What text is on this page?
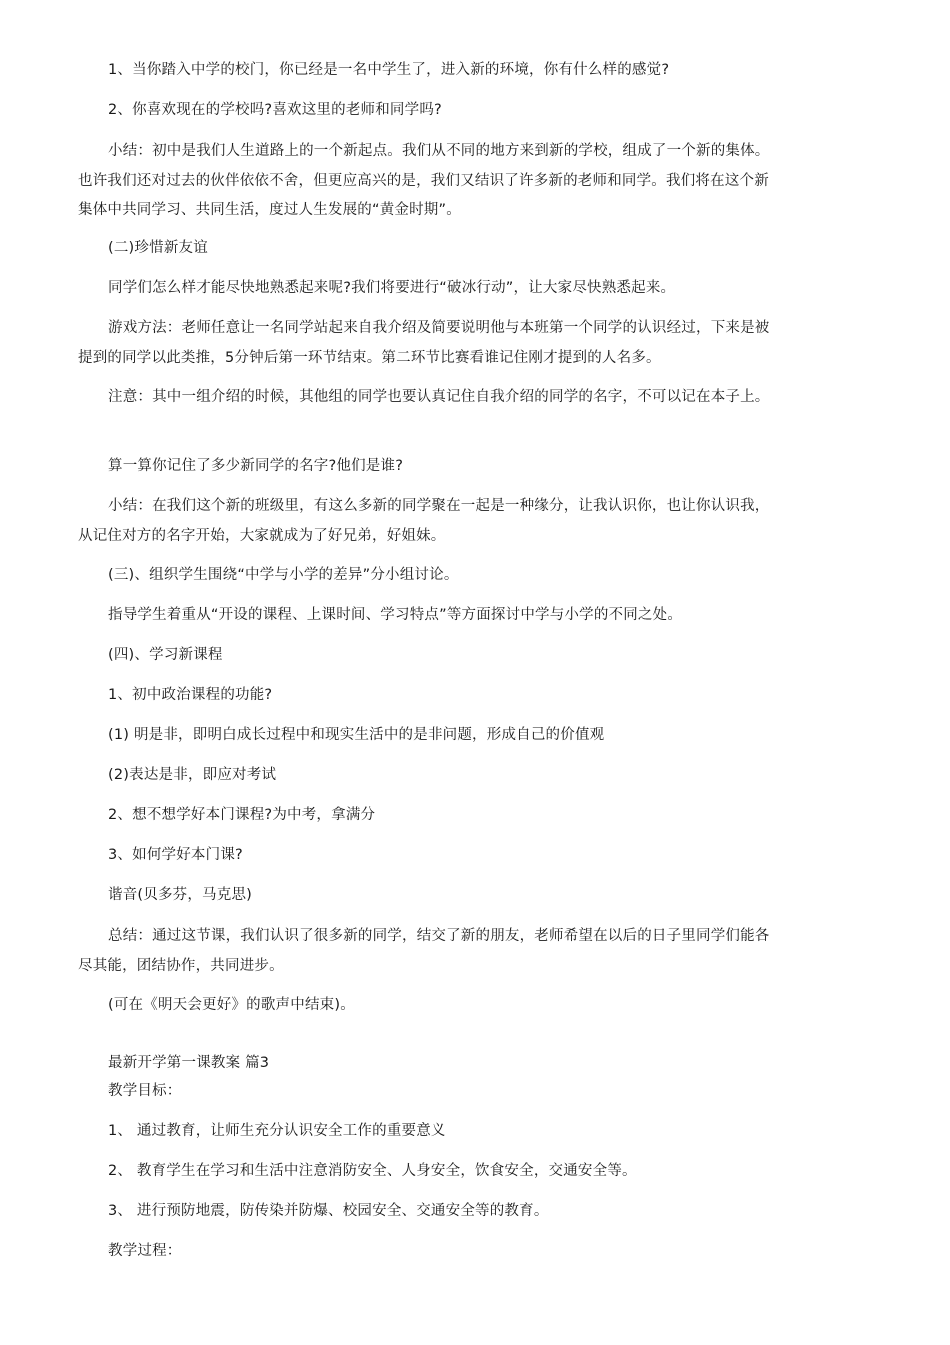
1、当你踏入中学的校门，你已经是一名中学生了，进入新的环境，你有什么样的感觉?

2、你喜欢现在的学校吗?喜欢这里的老师和同学吗?

小结：初中是我们人生道路上的一个新起点。我们从不同的地方来到新的学校，组成了一个新的集体。也许我们还对过去的伙伴依依不舍，但更应高兴的是，我们又结识了许多新的老师和同学。我们将在这个新集体中共同学习、共同生活，度过人生发展的“黄金时期”。

(二)珍惜新友谊

同学们怎么样才能尽快地熟悉起来呢?我们将要进行“破冰行动”，让大家尽快熟悉起来。

游戏方法：老师任意让一名同学站起来自我介绍及简要说明他与本班第一个同学的认识经过，下来是被提到的同学以此类推，5分钟后第一环节结束。第二环节比赛看谁记住刚才提到的人名多。

注意：其中一组介绍的时候，其他组的同学也要认真记住自我介绍的同学的名字，不可以记在本子上。

算一算你记住了多少新同学的名字?他们是谁?

小结：在我们这个新的班级里，有这么多新的同学聚在一起是一种缘分，让我认识你，也让你认识我，从记住对方的名字开始，大家就成为了好兄弟，好姐妹。

(三)、组织学生围绕“中学与小学的差异”分小组讨论。

指导学生着重从“开设的课程、上课时间、学习特点”等方面探讨中学与小学的不同之处。

(四)、学习新课程

1、初中政治课程的功能?

(1) 明是非，即明白成长过程中和现实生活中的是非问题，形成自己的价值观

(2)表达是非，即应对考试

2、想不想学好本门课程?为中考，拿满分

3、如何学好本门课?

谐音(贝多芬，马克思)

总结：通过这节课，我们认识了很多新的同学，结交了新的朋友，老师希望在以后的日子里同学们能各尽其能，团结协作，共同进步。

(可在《明天会更好》的歌声中结束)。

最新开学第一课教案 篇3

教学目标：

1、 通过教育，让师生充分认识安全工作的重要意义

2、 教育学生在学习和生活中注意消防安全、人身安全，饮食安全，交通安全等。

3、 进行预防地震，防传染并防爆、校园安全、交通安全等的教育。

教学过程：
